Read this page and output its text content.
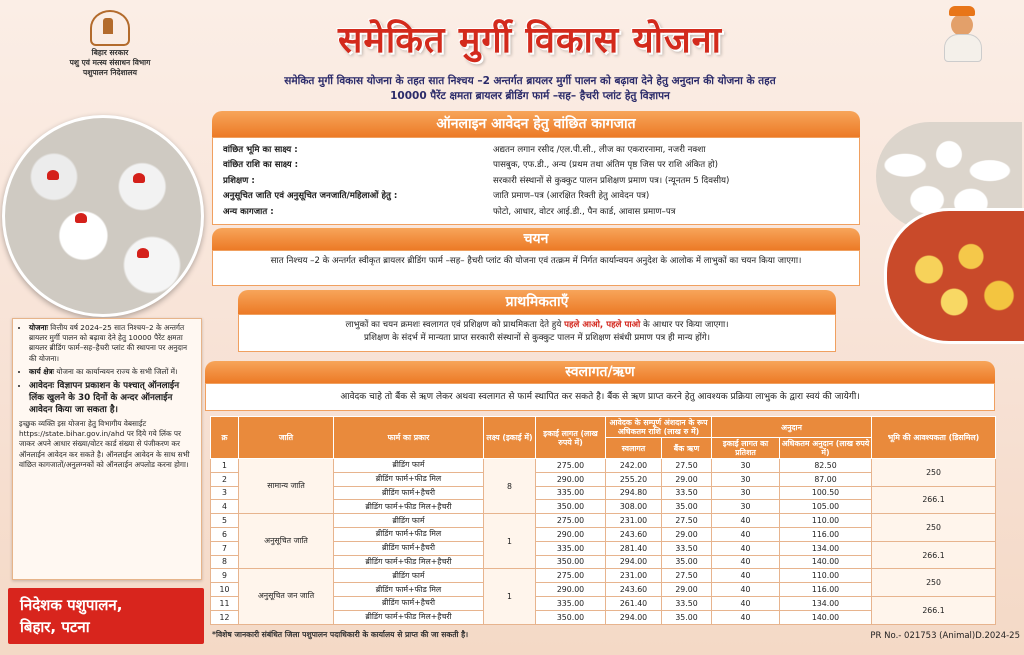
बिहार सरकार
पशु एवं मत्स्य संसाधन विभाग
पशुपालन निदेशालय
समेकित मुर्गी विकास योजना
समेकित मुर्गी विकास योजना के तहत सात निश्चय –2 अन्तर्गत ब्रायलर मुर्गी पालन को बढ़ावा देने हेतु अनुदान की योजना के तहत
10000 पैरेंट क्षमता ब्रायलर ब्रीडिंग फार्म –सह– हैचरी प्लांट हेतु विज्ञापन
• योजनाः वित्तीय वर्ष 2024–25 सात निश्चय–2 के अन्तर्गत ब्रायलर मुर्गी पालन को बढ़ावा देने हेतु 10000 पैरेंट क्षमता ब्रायलर ब्रीडिंग फार्म–सह–हैचरी प्लांट की स्थापना पर अनुदान की योजना।
• कार्य क्षेत्रः योजना का कार्यान्वयन राज्य के सभी जिलों में।
• आवेदनः विज्ञापन प्रकाशन के पश्चात् ऑनलाईन लिंक खुलने के 30 दिनों के अन्दर ऑनलाईन आवेदन किया जा सकता है।

इच्छुक व्यक्ति इस योजना हेतु विभागीय वेबसाईट https://state.bihar.gov.in/ahd पर दिये गये लिंक पर जाकर अपने आधार संख्या/वोटर कार्ड संख्या से पंजीकरण कर ऑनलाईन आवेदन कर सकते है। ऑनलाईन आवेदन के साथ सभी वांछित कागजातों/अनुलग्नकों को ऑनलाईन अपलोड करना होगा।

निदेशक पशुपालन,
बिहार, पटना
ऑनलाइन आवेदन हेतु वांछित कागजात
वांछित भूमि का साक्ष्य :	अद्यतन लगान रसीद /एल.पी.सी., लीज का एकरारनामा, नजरी नक्शा
वांछित राशि का साक्ष्य :	पासबुक, एफ.डी., अन्य (प्रथम तथा अंतिम पृष्ठ जिस पर राशि अंकित हो)
प्रशिक्षण :	सरकारी संस्थानों से कुक्कुट पालन प्रशिक्षण प्रमाण पत्र। (न्यूनतम 5 दिवसीय)
अनुसूचित जाति एवं अनुसूचित जनजाति/महिलाओं हेतु :	जाति प्रमाण–पत्र (आरक्षित रिक्ती हेतु आवेदन पत्र)
अन्य कागजात :	फोटो, आधार, वोटर आई.डी., पैन कार्ड, आवास प्रमाण–पत्र
चयन
सात निश्चय –2 के अन्तर्गत स्वीकृत ब्रायलर ब्रीडिंग फार्म –सह– हैचरी प्लांट की योजना एवं तत्क्रम में निर्गत कार्यान्वयन अनुदेश के आलोक में लाभुकों का चयन किया जाएगा।
प्राथमिकताएँ
लाभुकों का चयन क्रमशः स्वलागत एवं प्रशिक्षण को प्राथमिकता देते हुये पहले आओ, पहले पाओ के आधार पर किया जाएगा।
प्रशिक्षण के संदर्भ में मान्यता प्राप्त सरकारी संस्थानों से कुक्कुट पालन में प्रशिक्षण संबंधी प्रमाण पत्र ही मान्य होंगे।
स्वलागत/ऋण
आवेदक चाहे तो बैंक से ऋण लेकर अथवा स्वलागत से फार्म स्थापित कर सकते है। बैंक से ऋण प्राप्त करने हेतु आवश्यक प्रक्रिया लाभुक के द्वारा स्वयं की जायेगी।
क्र	जाति	फार्म का प्रकार	लक्ष्य (इकाई में)	इकाई लागत (लाख रुपये में)	आवेदक के सम्पूर्ण अंशदान के रूप अधिकतम राशि (लाख रु में)		अनुदान		भूमि की आवश्यकता (डिसमिल)
					स्वलागत	बैंक ऋण	इकाई लागत का प्रतिशत	अधिकतम अनुदान (लाख रुपये में)	
1	सामान्य जाति	ब्रीडिंग फार्म	8	275.00	242.00	27.50	30	82.50	250
2		ब्रीडिंग फार्म+फीड मिल		290.00	255.20	29.00	30	87.00	
3		ब्रीडिंग फार्म+हैचरी		335.00	294.80	33.50	30	100.50	266.1
4		ब्रीडिंग फार्म+फीड मिल+हैचरी		350.00	308.00	35.00	30	105.00	
5	अनुसूचित जाति	ब्रीडिंग फार्म	1	275.00	231.00	27.50	40	110.00	250
6		ब्रीडिंग फार्म+फीड मिल		290.00	243.60	29.00	40	116.00	
7		ब्रीडिंग फार्म+हैचरी		335.00	281.40	33.50	40	134.00	266.1
8		ब्रीडिंग फार्म+फीड मिल+हैचरी		350.00	294.00	35.00	40	140.00	
9	अनुसूचित जन जाति	ब्रीडिंग फार्म	1	275.00	231.00	27.50	40	110.00	250
10		ब्रीडिंग फार्म+फीड मिल		290.00	243.60	29.00	40	116.00	
11		ब्रीडिंग फार्म+हैचरी		335.00	261.40	33.50	40	134.00	266.1
12		ब्रीडिंग फार्म+फीड मिल+हैचरी		350.00	294.00	35.00	40	140.00	
*विशेष जानकारी संबंधित जिला पशुपालन पदाधिकारी के कार्यालय से प्राप्त की जा सकती है।	PR No.- 021753 (Animal)D.2024-25
